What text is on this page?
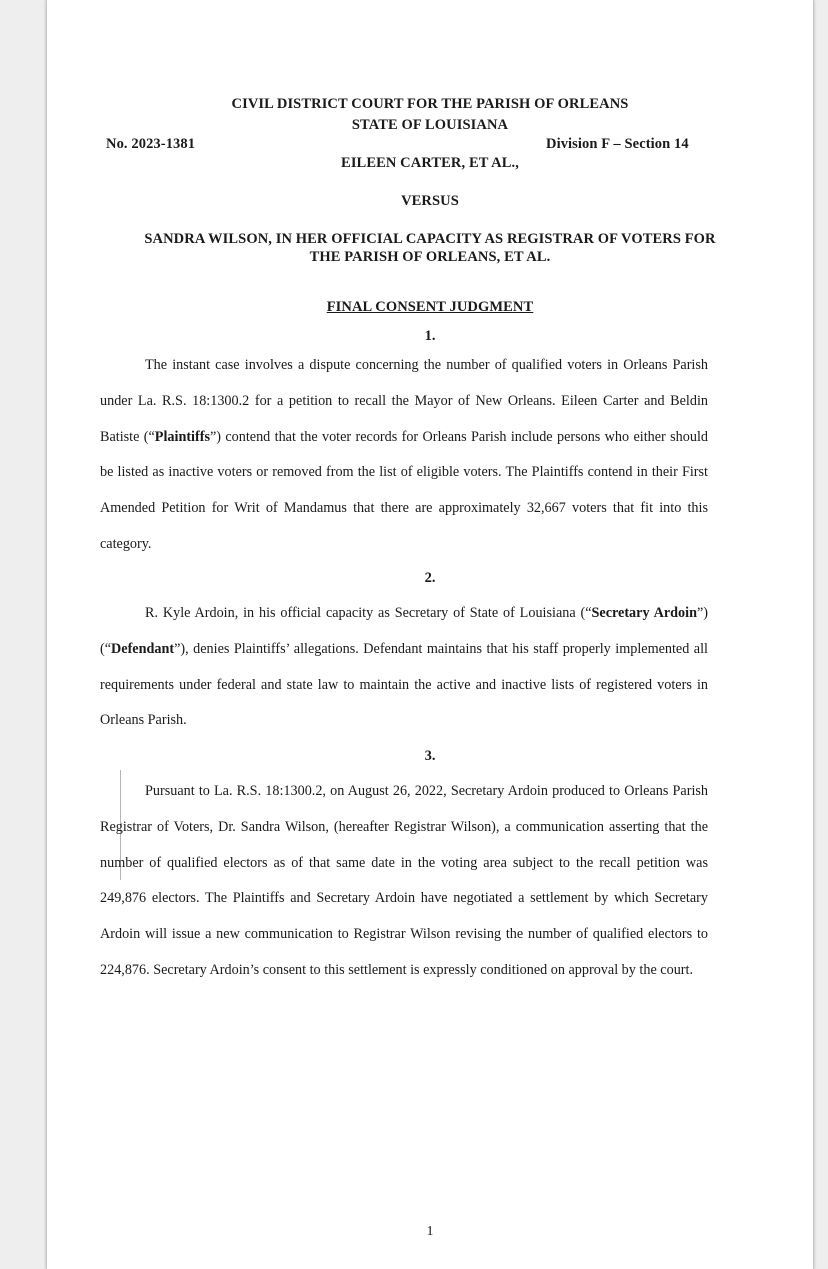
CIVIL DISTRICT COURT FOR THE PARISH OF ORLEANS
STATE OF LOUISIANA
No. 2023-1381	Division F – Section 14
EILEEN CARTER, ET AL.,
VERSUS
SANDRA WILSON, IN HER OFFICIAL CAPACITY AS REGISTRAR OF VOTERS FOR
THE PARISH OF ORLEANS, ET AL.
FINAL CONSENT JUDGMENT
1.
The instant case involves a dispute concerning the number of qualified voters in Orleans Parish under La. R.S. 18:1300.2 for a petition to recall the Mayor of New Orleans. Eileen Carter and Beldin Batiste (“Plaintiffs”) contend that the voter records for Orleans Parish include persons who either should be listed as inactive voters or removed from the list of eligible voters. The Plaintiffs contend in their First Amended Petition for Writ of Mandamus that there are approximately 32,667 voters that fit into this category.
2.
R. Kyle Ardoin, in his official capacity as Secretary of State of Louisiana (“Secretary Ardoin”) (“Defendant”), denies Plaintiffs’ allegations. Defendant maintains that his staff properly implemented all requirements under federal and state law to maintain the active and inactive lists of registered voters in Orleans Parish.
3.
Pursuant to La. R.S. 18:1300.2, on August 26, 2022, Secretary Ardoin produced to Orleans Parish Registrar of Voters, Dr. Sandra Wilson, (hereafter Registrar Wilson), a communication asserting that the number of qualified electors as of that same date in the voting area subject to the recall petition was 249,876 electors. The Plaintiffs and Secretary Ardoin have negotiated a settlement by which Secretary Ardoin will issue a new communication to Registrar Wilson revising the number of qualified electors to 224,876. Secretary Ardoin’s consent to this settlement is expressly conditioned on approval by the court.
1
